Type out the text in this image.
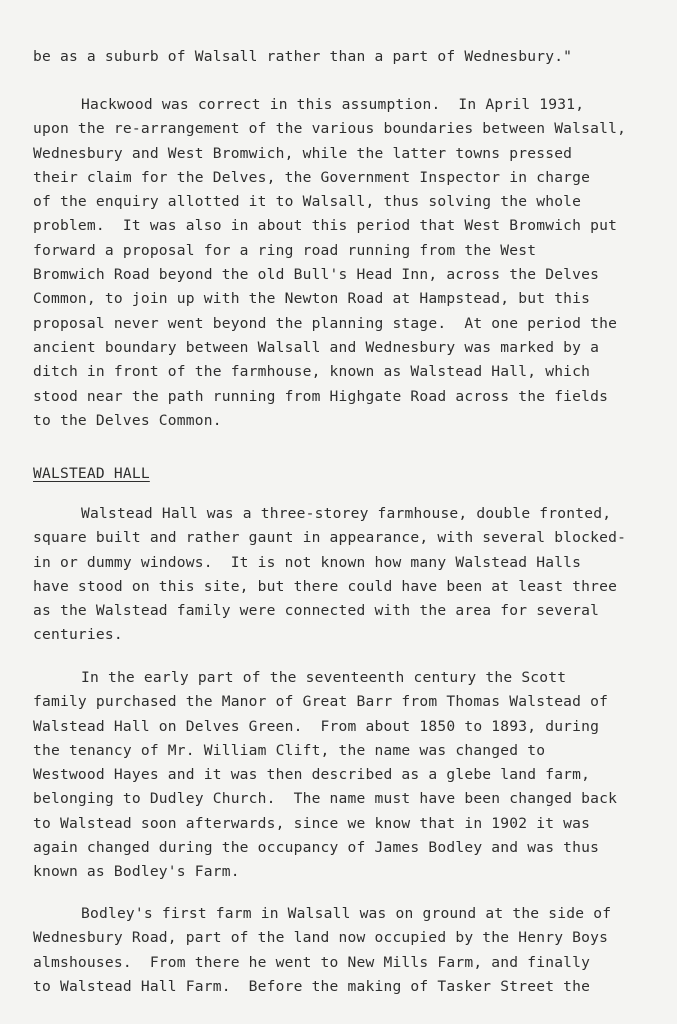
be as a suburb of Walsall rather than a part of Wednesbury."
Hackwood was correct in this assumption.  In April 1931,
upon the re-arrangement of the various boundaries between Walsall,
Wednesbury and West Bromwich, while the latter towns pressed
their claim for the Delves, the Government Inspector in charge
of the enquiry allotted it to Walsall, thus solving the whole
problem.  It was also in about this period that West Bromwich put
forward a proposal for a ring road running from the West
Bromwich Road beyond the old Bull's Head Inn, across the Delves
Common, to join up with the Newton Road at Hampstead, but this
proposal never went beyond the planning stage.  At one period the
ancient boundary between Walsall and Wednesbury was marked by a
ditch in front of the farmhouse, known as Walstead Hall, which
stood near the path running from Highgate Road across the fields
to the Delves Common.
WALSTEAD HALL
Walstead Hall was a three-storey farmhouse, double fronted,
square built and rather gaunt in appearance, with several blocked-
in or dummy windows.  It is not known how many Walstead Halls
have stood on this site, but there could have been at least three
as the Walstead family were connected with the area for several
centuries.
In the early part of the seventeenth century the Scott
family purchased the Manor of Great Barr from Thomas Walstead of
Walstead Hall on Delves Green.  From about 1850 to 1893, during
the tenancy of Mr. William Clift, the name was changed to
Westwood Hayes and it was then described as a glebe land farm,
belonging to Dudley Church.  The name must have been changed back
to Walstead soon afterwards, since we know that in 1902 it was
again changed during the occupancy of James Bodley and was thus
known as Bodley's Farm.
Bodley's first farm in Walsall was on ground at the side of
Wednesbury Road, part of the land now occupied by the Henry Boys
almshouses.  From there he went to New Mills Farm, and finally
to Walstead Hall Farm.  Before the making of Tasker Street the
